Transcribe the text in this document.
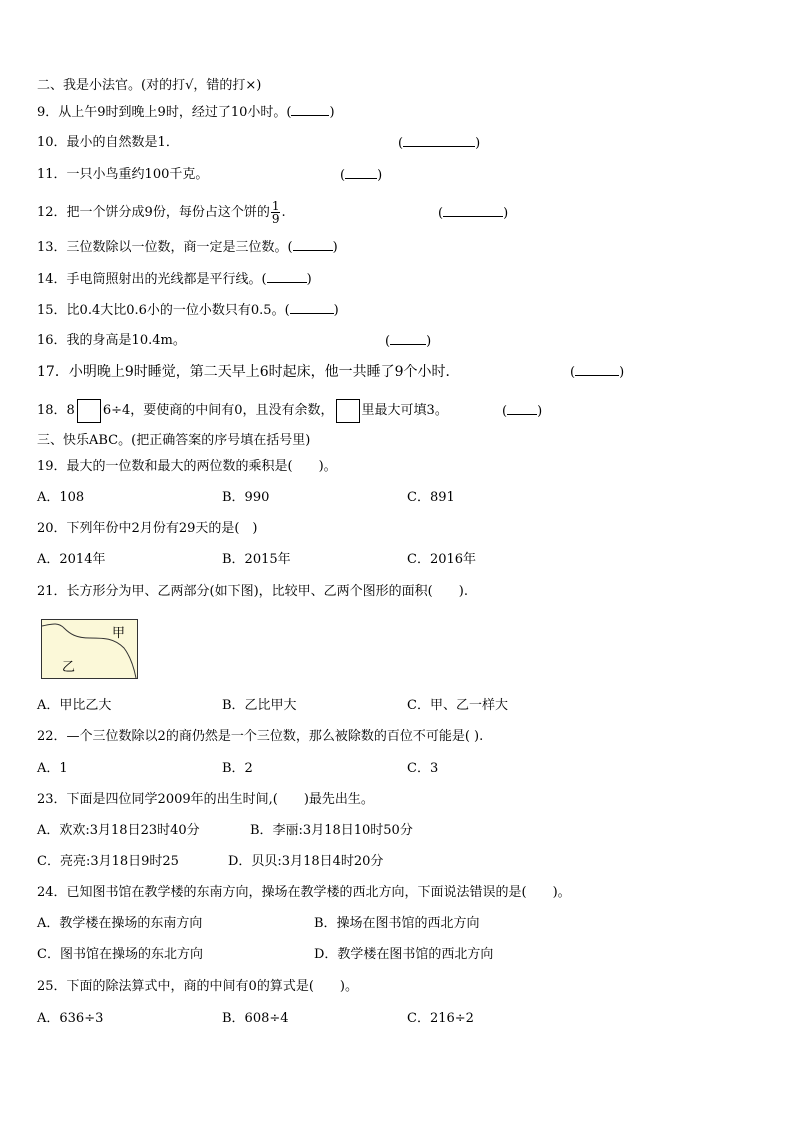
二、我是小法官。(对的打√，错的打×)
9．从上午9时到晚上9时，经过了10小时。(	)
10．最小的自然数是1．	(	)
11．一只小鸟重约100千克。	( )
12．把一个饼分成9份，每份占这个饼的 $\frac{1}{9}$ .	(	)
13．三位数除以一位数，商一定是三位数。(	)
14．手电筒照射出的光线都是平行线。(	)
15．比0.4大比0.6小的一位小数只有0.5。(	)
16．我的身高是10.4m。	(	)
17．小明晚上9时睡觉，第二天早上6时起床，他一共睡了9个小时．	(	)
18．8 6÷4，要使商的中间有0，且没有余数， 里最大可填3。	( )
三、快乐ABC。(把正确答案的序号填在括号里)
19．最大的一位数和最大的两位数的乘积是(　　)。
A．108	B．990	C．891
20．下列年份中2月份有29天的是(　)
A．2014年	B．2015年	C．2016年
21．长方形分为甲、乙两部分(如下图)，比较甲、乙两个图形的面积(　　).
甲
乙
A．甲比乙大	B．乙比甲大	C．甲、乙一样大
22．—个三位数除以2的商仍然是一个三位数，那么被除数的百位不可能是( ).
A．1	B．2	C．3
23．下面是四位同学2009年的出生时间,(　　)最先出生。
A．欢欢:3月18日23时40分	B．李丽:3月18日10时50分
C．亮亮:3月18日9时25	D．贝贝:3月18日4时20分
24．已知图书馆在教学楼的东南方向，操场在教学楼的西北方向，下面说法错误的是(　　)。
A．教学楼在操场的东南方向	B．操场在图书馆的西北方向
C．图书馆在操场的东北方向	D．教学楼在图书馆的西北方向
25．下面的除法算式中，商的中间有0的算式是(　　)。
A．636÷3	B．608÷4	C．216÷2
